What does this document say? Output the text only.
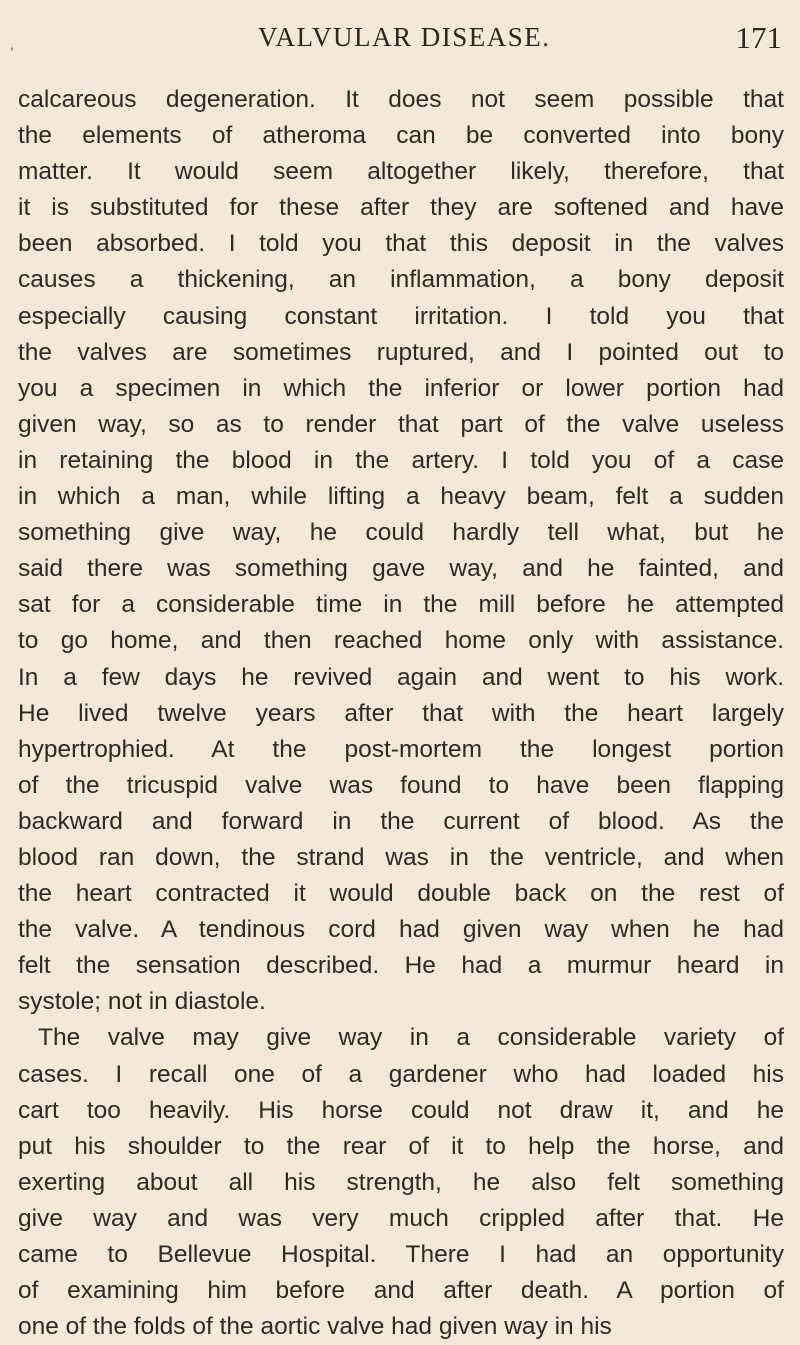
‚	VALVULAR DISEASE.	171
calcareous degeneration. It does not seem possible that
the elements of atheroma can be converted into bony
matter. It would seem altogether likely, therefore, that
it is substituted for these after they are softened and have
been absorbed. I told you that this deposit in the valves
causes a thickening, an inflammation, a bony deposit
especially causing constant irritation. I told you that
the valves are sometimes ruptured, and I pointed out to
you a specimen in which the inferior or lower portion had
given way, so as to render that part of the valve useless
in retaining the blood in the artery. I told you of a case
in which a man, while lifting a heavy beam, felt a sudden
something give way, he could hardly tell what, but he
said there was something gave way, and he fainted, and
sat for a considerable time in the mill before he attempted
to go home, and then reached home only with assistance.
In a few days he revived again and went to his work.
He lived twelve years after that with the heart largely
hypertrophied. At the post-mortem the longest portion
of the tricuspid valve was found to have been flapping
backward and forward in the current of blood. As the
blood ran down, the strand was in the ventricle, and when
the heart contracted it would double back on the rest of
the valve. A tendinous cord had given way when he had
felt the sensation described. He had a murmur heard in
systole; not in diastole.
The valve may give way in a considerable variety of
cases. I recall one of a gardener who had loaded his
cart too heavily. His horse could not draw it, and he
put his shoulder to the rear of it to help the horse, and
exerting about all his strength, he also felt something
give way and was very much crippled after that. He
came to Bellevue Hospital. There I had an opportunity
of examining him before and after death. A portion of
one of the folds of the aortic valve had given way in his
